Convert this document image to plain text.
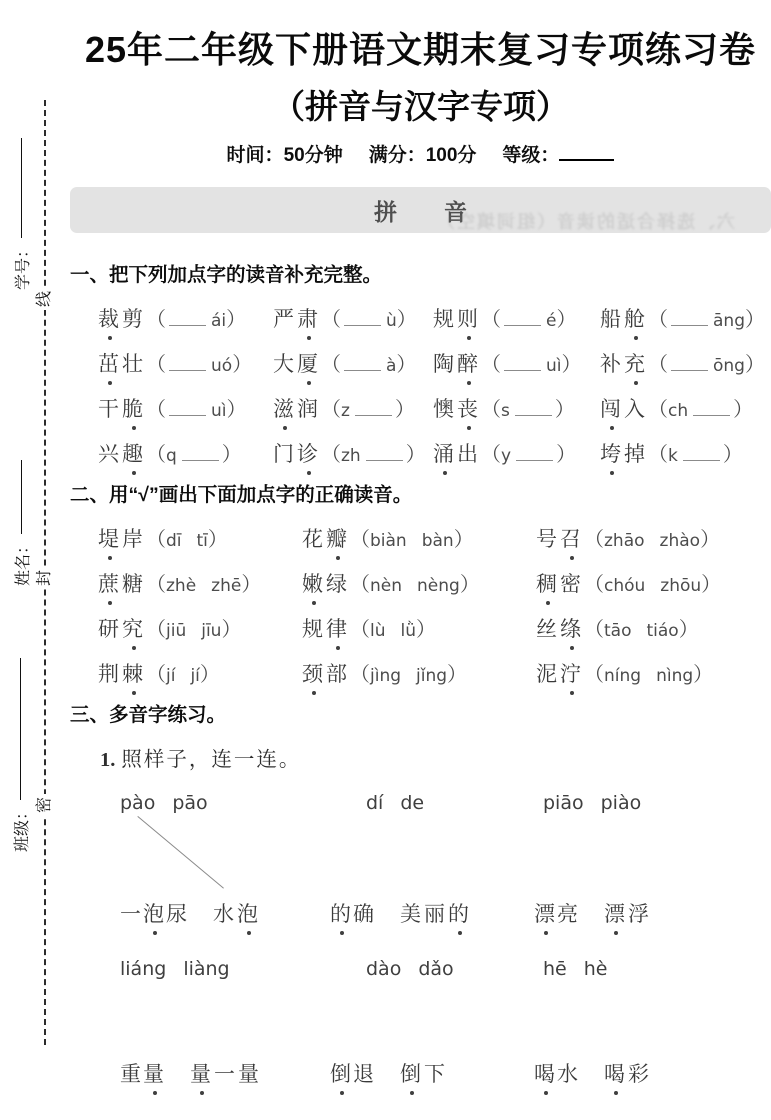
学号：
姓名：
班级：
线
封
密
25年二年级下册语文期末复习专项练习卷
（拼音与汉字专项）
时间：50分钟 满分：100分 等级：
拼　音
六、选择合适的读音（组词填空）
一、把下列加点字的读音补充完整。
裁剪 （	ái） 严肃 （	ù） 规则 （	é） 船舱 （	āng）
茁壮 （	uó） 大厦 （	à） 陶醉 （	uì） 补充 （	ōng）
干脆 （	uì） 滋润 （z ） 懊丧 （s ） 闯入 （ch ）
兴趣 （q ） 门诊 （zh ） 涌出 （y ） 垮掉 （k ）
二、用“√”画出下面加点字的正确读音。
堤岸 （dī tī）	花瓣 （biàn bàn）	号召 （zhāo zhào）
蔗糖 （zhè zhē） 嫩绿 （nèn nèng）	稠密 （chóu zhōu）
研究 （jiū jīu）	规律 （lù lǜ）	丝绦 （tāo tiáo）
荆棘 （jí jí）	颈部 （jìng jǐng）	泥泞 （níng nìng）
三、多音字练习。
1. 照样子，连一连。
pào pāo	dí de	piāo piào
一泡尿 水泡	的确 美丽的	漂亮 漂浮
liáng liàng	dào dǎo	hē hè
重量 量一量	倒退 倒下	喝水 喝彩
